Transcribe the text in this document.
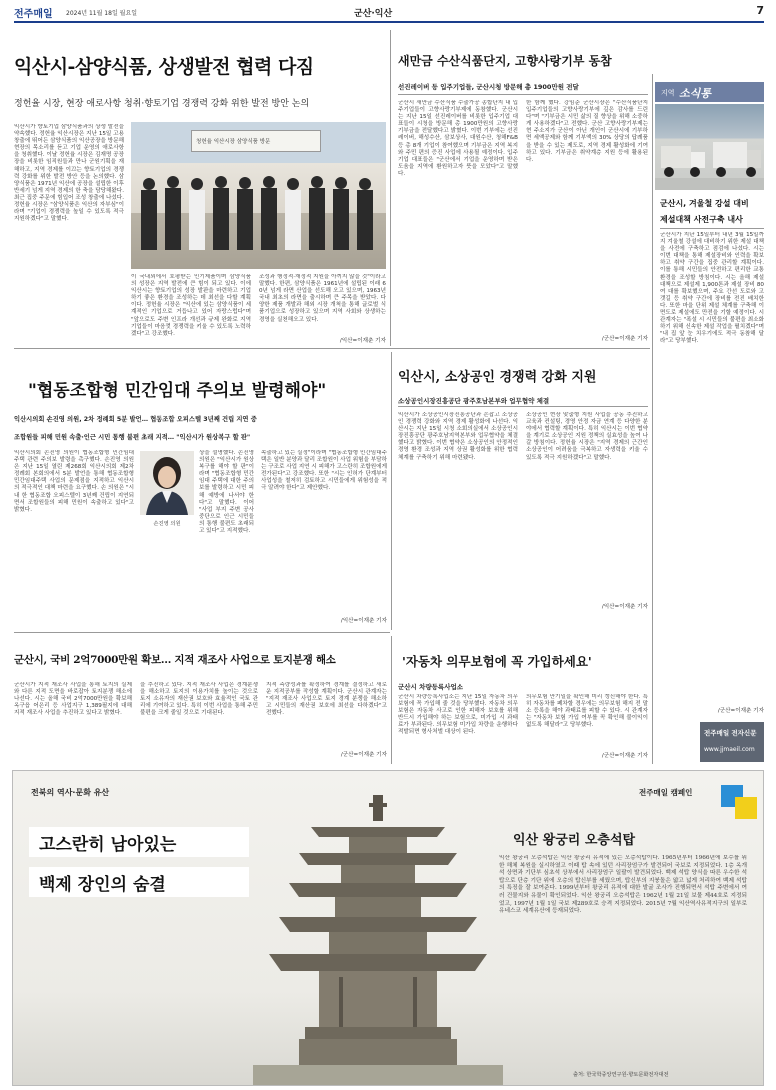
전주매일 2024년 11월 18일 월요일	군산·익산	7
익산시-삼양식품, 상생발전 협력 다짐
정헌율 시장, 현장 애로사항 청취·향토기업 경쟁력 강화 위한 발전 방안 논의
익산시가 향토기업 삼양식품과의 상생 발전을 약속했다. 정헌율 익산시장은 지난 15일 고용 창출에 뛰어든 삼양식품의 익산공장을 방문해 현장의 목소리를 듣고 기업 운영의 애로사항을 청취했다. 이날 정헌율 시장은 김재명 공장장을 비롯한 임직원들과 만나 군원기획을 재해하고, 지역 경제를 이끄는 향토기업의 경쟁력 강화를 위한 발전 방안 등을 논의했다. 삼양식품은 1971년 익산에 공장을 설립한 이후 반세기 넘게 지역 경제의 한 축을 담당해왔다. 최근 집중 주문에 힘입어 조성 창출에 나섰다. 정헌율 시장은 "삼양식품은 익산의 자부심"이라며 "기업이 경쟁력을 높일 수 있도록 적극 지원하겠다"고 말했다.
청헌율 익산시장 삼양식품 방문
이 국내외에서 호평받는 인기제품이며 삼양식품의 성장은 지역 발전에 큰 힘이 되고 있다. 이에 익산시는 향토기업의 성장 발판을 마련하고 기업 하기 좋은 환경을 조성하는 데 최선을 다할 계획이다. 정헌율 시장은 "익산에 있는 삼양식품이 세계적인 기업으로 거듭나고 있어 자랑스럽다"며 "앞으로도 주변 인프라 개선과 규제 완화로 지역 기업들이 마음껏 경쟁력을 키울 수 있도록 노력하겠다"고 강조했다.
조성과 행정적·재정적 지원을 아끼지 않을 것"이라고 말했다. 한편, 삼양식품은 1961년에 설립된 이래 60년 넘게 라면 산업을 선도해 오고 있으며, 1963년 국내 최초의 라면을 출시하며 큰 주목을 받았다. 다양한 제품 개발과 해외 시장 개척을 통해 글로벌 식품기업으로 성장하고 있으며 지역 사회와 상생하는 경영을 실천해오고 있다.
/익산=이재춘 기자
새만금 수산식품단지, 고향사랑기부 동참
선진레이버 등 입주기업들, 군산시청 방문해 총 1900만원 전달
군산시 새만금 수산식품 수출가공 종합단지 내 입주기업들이 고향사랑기부제에 동참했다. 군산시는 지난 15일 선진레이버를 비롯한 입주기업 대표들이 시청을 방문해 총 1900만원의 고향사랑기부금을 전달했다고 밝혔다. 이번 기부에는 선진레이버, 해성수산, 삼보상사, 대원수산, 청해F&B 등 총 8개 기업이 참여했으며 기부금은 지역 복지와 주민 편의 증진 사업에 사용될 예정이다. 입주기업 대표들은 "군산에서 기업을 운영하며 받은 도움을 지역에 환원하고자 뜻을 모았다"고 말했다.
한 함께 했다. 강임준 군산시장은 "수산식품단지 입주기업들의 고향사랑기부에 깊은 감사를 드린다"며 "기부금은 시민 삶의 질 향상을 위해 소중하게 사용하겠다"고 전했다. 군산 고향사랑기부제는 현 주소지가 군산이 아닌 개인이 군산시에 기부하면 세액공제와 함께 기부액의 30% 상당의 답례품을 받을 수 있는 제도로, 지역 경제 활성화에 기여하고 있다. 기부금은 취약계층 지원 등에 활용된다.
/군산=이재춘 기자
지역 소식통
군산시, 겨울철 강설 대비
제설대책 사전구축 내사
군산시가 지난 15일부터 내년 3월 15일까지 겨울철 강설에 대비하기 위한 제설 대책을 사전에 구축하고 점검에 나섰다. 시는 이번 대책을 통해 제설장비와 인력을 확보하고 취약 구간을 집중 관리할 계획이다. 이를 통해 시민들의 안전하고 편리한 교통 환경을 조성할 방침이다. 시는 올해 제설 대책으로 제설제 1,900톤과 제설 장비 80여 대를 확보했으며, 주요 간선 도로와 고갯길 등 취약 구간에 장비를 전진 배치한다. 또한 마을 단위 제설 체계를 구축해 이면도로 제설에도 만전을 기할 예정이다. 시 관계자는 "폭설 시 시민들의 불편을 최소화하기 위해 신속한 제설 작업을 펼치겠다"며 "내 집 앞 눈 치우기에도 적극 동참해 달라"고 당부했다.
/군산=이재춘 기자
전주매일 전자신문
www.jjmaeil.com
"협동조합형 민간임대 주의보 발령해야"
익산시의회 손진영 의원, 2차 정례회 5분 발언… 협동조합 오피스텔 3년째 건립 지연 중
조합원들 피해 민원 속출·인근 시민 통행 불편 초래 지적… "익산시가 원상복구 할 판"
익산시의회 손진영 의원이 협동조합형 민간임대주택 관련 주의보 발령을 촉구했다. 손진영 의원은 지난 15일 열린 제268회 익산시의회 제2차 정례회 본회의에서 5분 발언을 통해 협동조합형 민간임대주택 사업의 문제점을 지적하고 익산시의 적극적인 대책 마련을 요구했다. 손 의원은 "시내 한 협동조합 오피스텔이 3년째 건립이 지연되면서 조합원들의 피해 민원이 속출하고 있다"고 밝혔다.
손진영 의원
상을 설명했다. 손진영 의원은 "익산시가 원상복구를 해야 할 판"이라며 "협동조합형 민간임대 주택에 대한 주의보를 발령하고 시민 피해 예방에 나서야 한다"고 말했다. 이어 "사업 부지 주변 공사 중단으로 인근 시민들의 통행 불편도 초래되고 있다"고 지적했다.
속출하고 있는 실정"이라며 "협동조합형 민간임대주택은 일반 분양과 달리 조합원이 사업 위험을 부담하는 구조로 사업 지연 시 피해가 고스란히 조합원에게 전가된다"고 강조했다. 또한 "시는 인허가 단계부터 사업성을 철저히 검토하고 시민들에게 위험성을 적극 알려야 한다"고 제안했다.
/익산=이재춘 기자
익산시, 소상공인 경쟁력 강화 지원
소상공인시장진흥공단 광주호남본부와 업무협약 체결
익산시가 소상공인시장진흥공단과 손잡고 소상공인 경쟁력 강화와 지역 경제 활성화에 나선다. 익산시는 지난 15일 시청 소회의실에서 소상공인시장진흥공단 광주호남지역본부와 업무협약을 체결했다고 밝혔다. 이번 협약은 소상공인의 안정적인 경영 환경 조성과 지역 상권 활성화를 위한 협력 체계를 구축하기 위해 마련됐다.
소상공인 현장 맞춤형 지원 사업을 공동 추진하고 교육과 컨설팅, 경영 안정 자금 연계 등 다양한 분야에서 협력할 계획이다. 특히 익산시는 이번 협약을 계기로 소상공인 지원 정책의 실효성을 높여 나갈 방침이다. 정헌율 시장은 "지역 경제의 근간인 소상공인이 어려움을 극복하고 자생력을 키울 수 있도록 적극 지원하겠다"고 말했다.
/익산=이재춘 기자
군산시, 국비 2억7000만원 확보… 지적 재조사 사업으로 토지분쟁 해소
군산시가 지적 재조사 사업을 통해 토지의 실제와 다른 지적 도면을 바로잡아 토지분쟁 해소에 나선다. 시는 올해 국비 2억7000만원을 확보해 옥구읍 어은리 등 사업지구 1,389필지에 대해 지적 재조사 사업을 추진하고 있다고 밝혔다.
을 추진하고 있다. 지적 재조사 사업은 경계분쟁을 해소하고 토지의 이용가치를 높이는 것으로 토지 소유자의 재산권 보호와 효율적인 국토 관리에 기여하고 있다. 특히 이번 사업을 통해 주민 불편을 크게 줄일 것으로 기대된다.
지적 측량성과를 확정하여 경계를 결정하고 새로운 지적공부를 작성할 계획이다. 군산시 관계자는 "지적 재조사 사업으로 토지 경계 분쟁을 해소하고 시민들의 재산권 보호에 최선을 다하겠다"고 전했다.
/군산=이재춘 기자
'자동차 의무보험에 꼭 가입하세요'
군산시 차량등록사업소
군산시 차량등록사업소는 지난 15일 자동차 의무보험에 꼭 가입해 줄 것을 당부했다. 자동차 의무보험은 자동차 사고로 인한 피해자 보호를 위해 반드시 가입해야 하는 보험으로, 미가입 시 과태료가 부과된다. 의무보험 미가입 차량을 운행하다 적발되면 형사처벌 대상이 된다.
의무보험 만기일을 확인해 미리 갱신해야 한다. 특히 자동차를 폐차할 경우에는 의무보험 해지 전 말소 등록을 해야 과태료를 피할 수 있다. 시 관계자는 "자동차 보험 가입 여부를 꼭 확인해 불이익이 없도록 해달라"고 당부했다.
/군산=이재춘 기자
전북의 역사·문화 유산	전주매일 캠페인
고스란히 남아있는
백제 장인의 숨결
익산 왕궁리 오층석탑
익산 왕궁리 오층석탑은 익산 왕궁리 유적에 있는 오층석탑이다. 1965년부터 1966년에 보수를 위한 해체 복원을 실시하였고 이때 탑 속에 있던 사리장엄구가 발견되어 국보로 지정되었다. 1층 옥개석 상면과 기단부 심초석 상부에서 사리장엄구 일괄이 발견되었다. 백제 석탑 양식을 따른 우수한 석탑으로 단층 기단 위에 오층의 탑신부를 세웠으며, 탑신부의 지붕돌은 얇고 넓게 처리하여 백제 석탑의 특징을 잘 보여준다. 1999년부터 왕궁리 유적에 대한 발굴 조사가 진행되면서 석탑 주변에서 여러 건물지와 유물이 확인되었다. 익산 왕궁리 오층석탑은 1962년 1월 21일 보물 제44호로 지정되었고, 1997년 1월 1일 국보 제289호로 승격 지정되었다. 2015년 7월 익산역사유적지구의 일부로 유네스코 세계유산에 등재되었다.
출처: 한국학중앙연구원-향토문화전자대전
